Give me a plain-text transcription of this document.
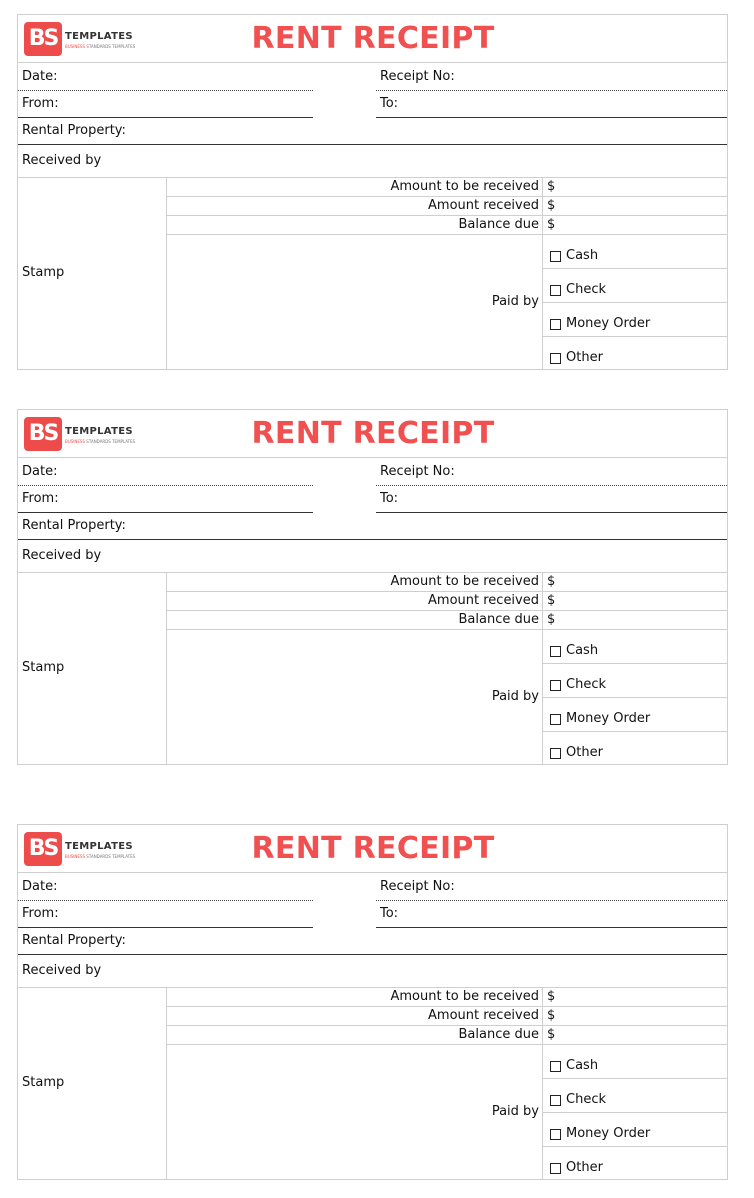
BS TEMPLATES
BUSINESS STANDARDS TEMPLATES	RENT RECEIPT
Date:	Receipt No:
From:	To:
Rental Property:
Received by
Stamp
Amount to be received $
Amount received $
Balance due $
Paid by
Cash
Check
Money Order
Other
BS TEMPLATES
BUSINESS STANDARDS TEMPLATES	RENT RECEIPT
Date:	Receipt No:
From:	To:
Rental Property:
Received by
Stamp
Amount to be received $
Amount received $
Balance due $
Paid by
Cash
Check
Money Order
Other
BS TEMPLATES
BUSINESS STANDARDS TEMPLATES	RENT RECEIPT
Date:	Receipt No:
From:	To:
Rental Property:
Received by
Stamp
Amount to be received $
Amount received $
Balance due $
Paid by
Cash
Check
Money Order
Other
